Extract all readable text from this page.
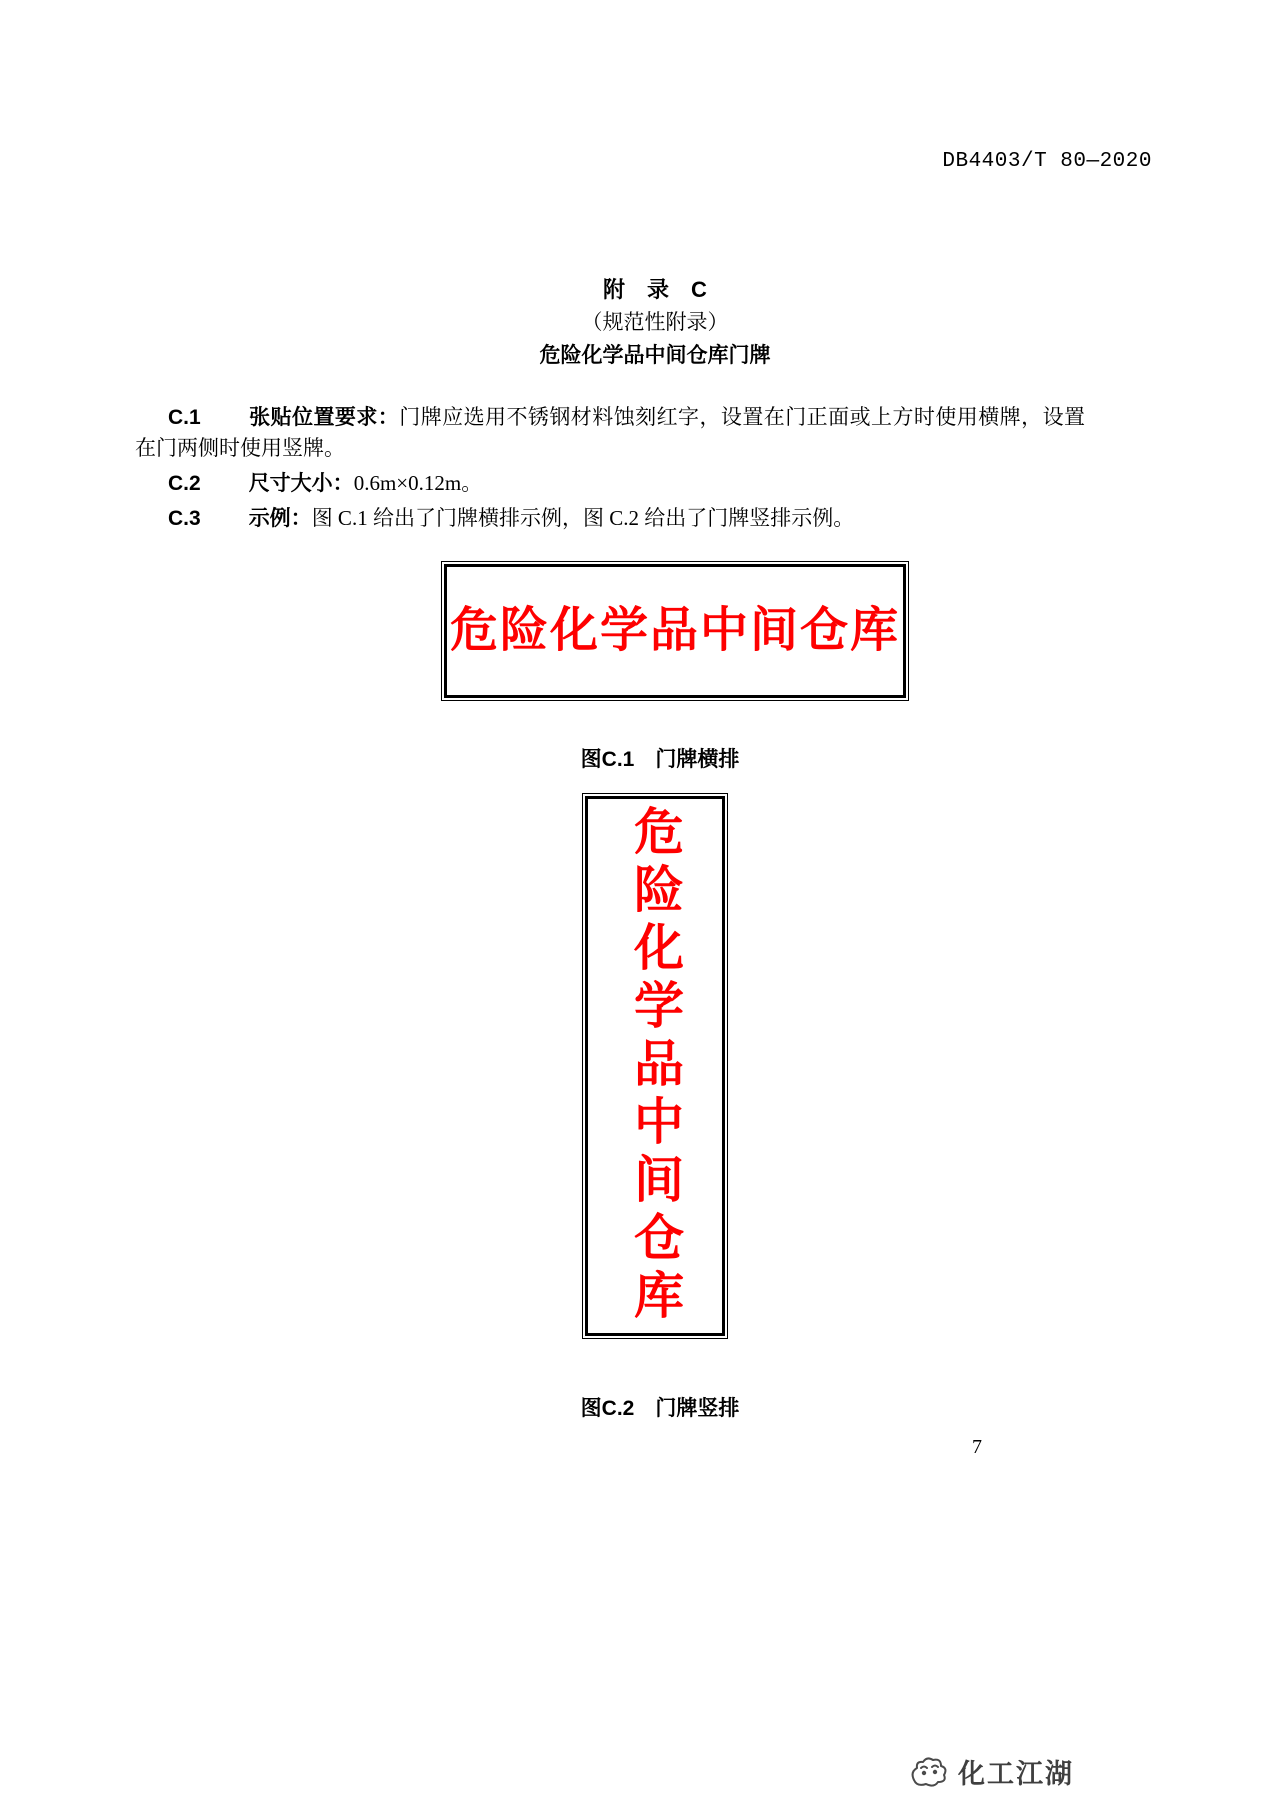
DB4403/T 80—2020
附　录　C
（规范性附录）
危险化学品中间仓库门牌

C.1 张贴位置要求：门牌应选用不锈钢材料蚀刻红字，设置在门正面或上方时使用横牌，设置在门两侧时使用竖牌。

C.2 尺寸大小：0.6m×0.12m。

C.3 示例：图 C.1 给出了门牌横排示例，图 C.2 给出了门牌竖排示例。

危险化学品中间仓库
图C.1　门牌横排
危险化学品中间仓库
图C.2　门牌竖排
7
化工江湖
